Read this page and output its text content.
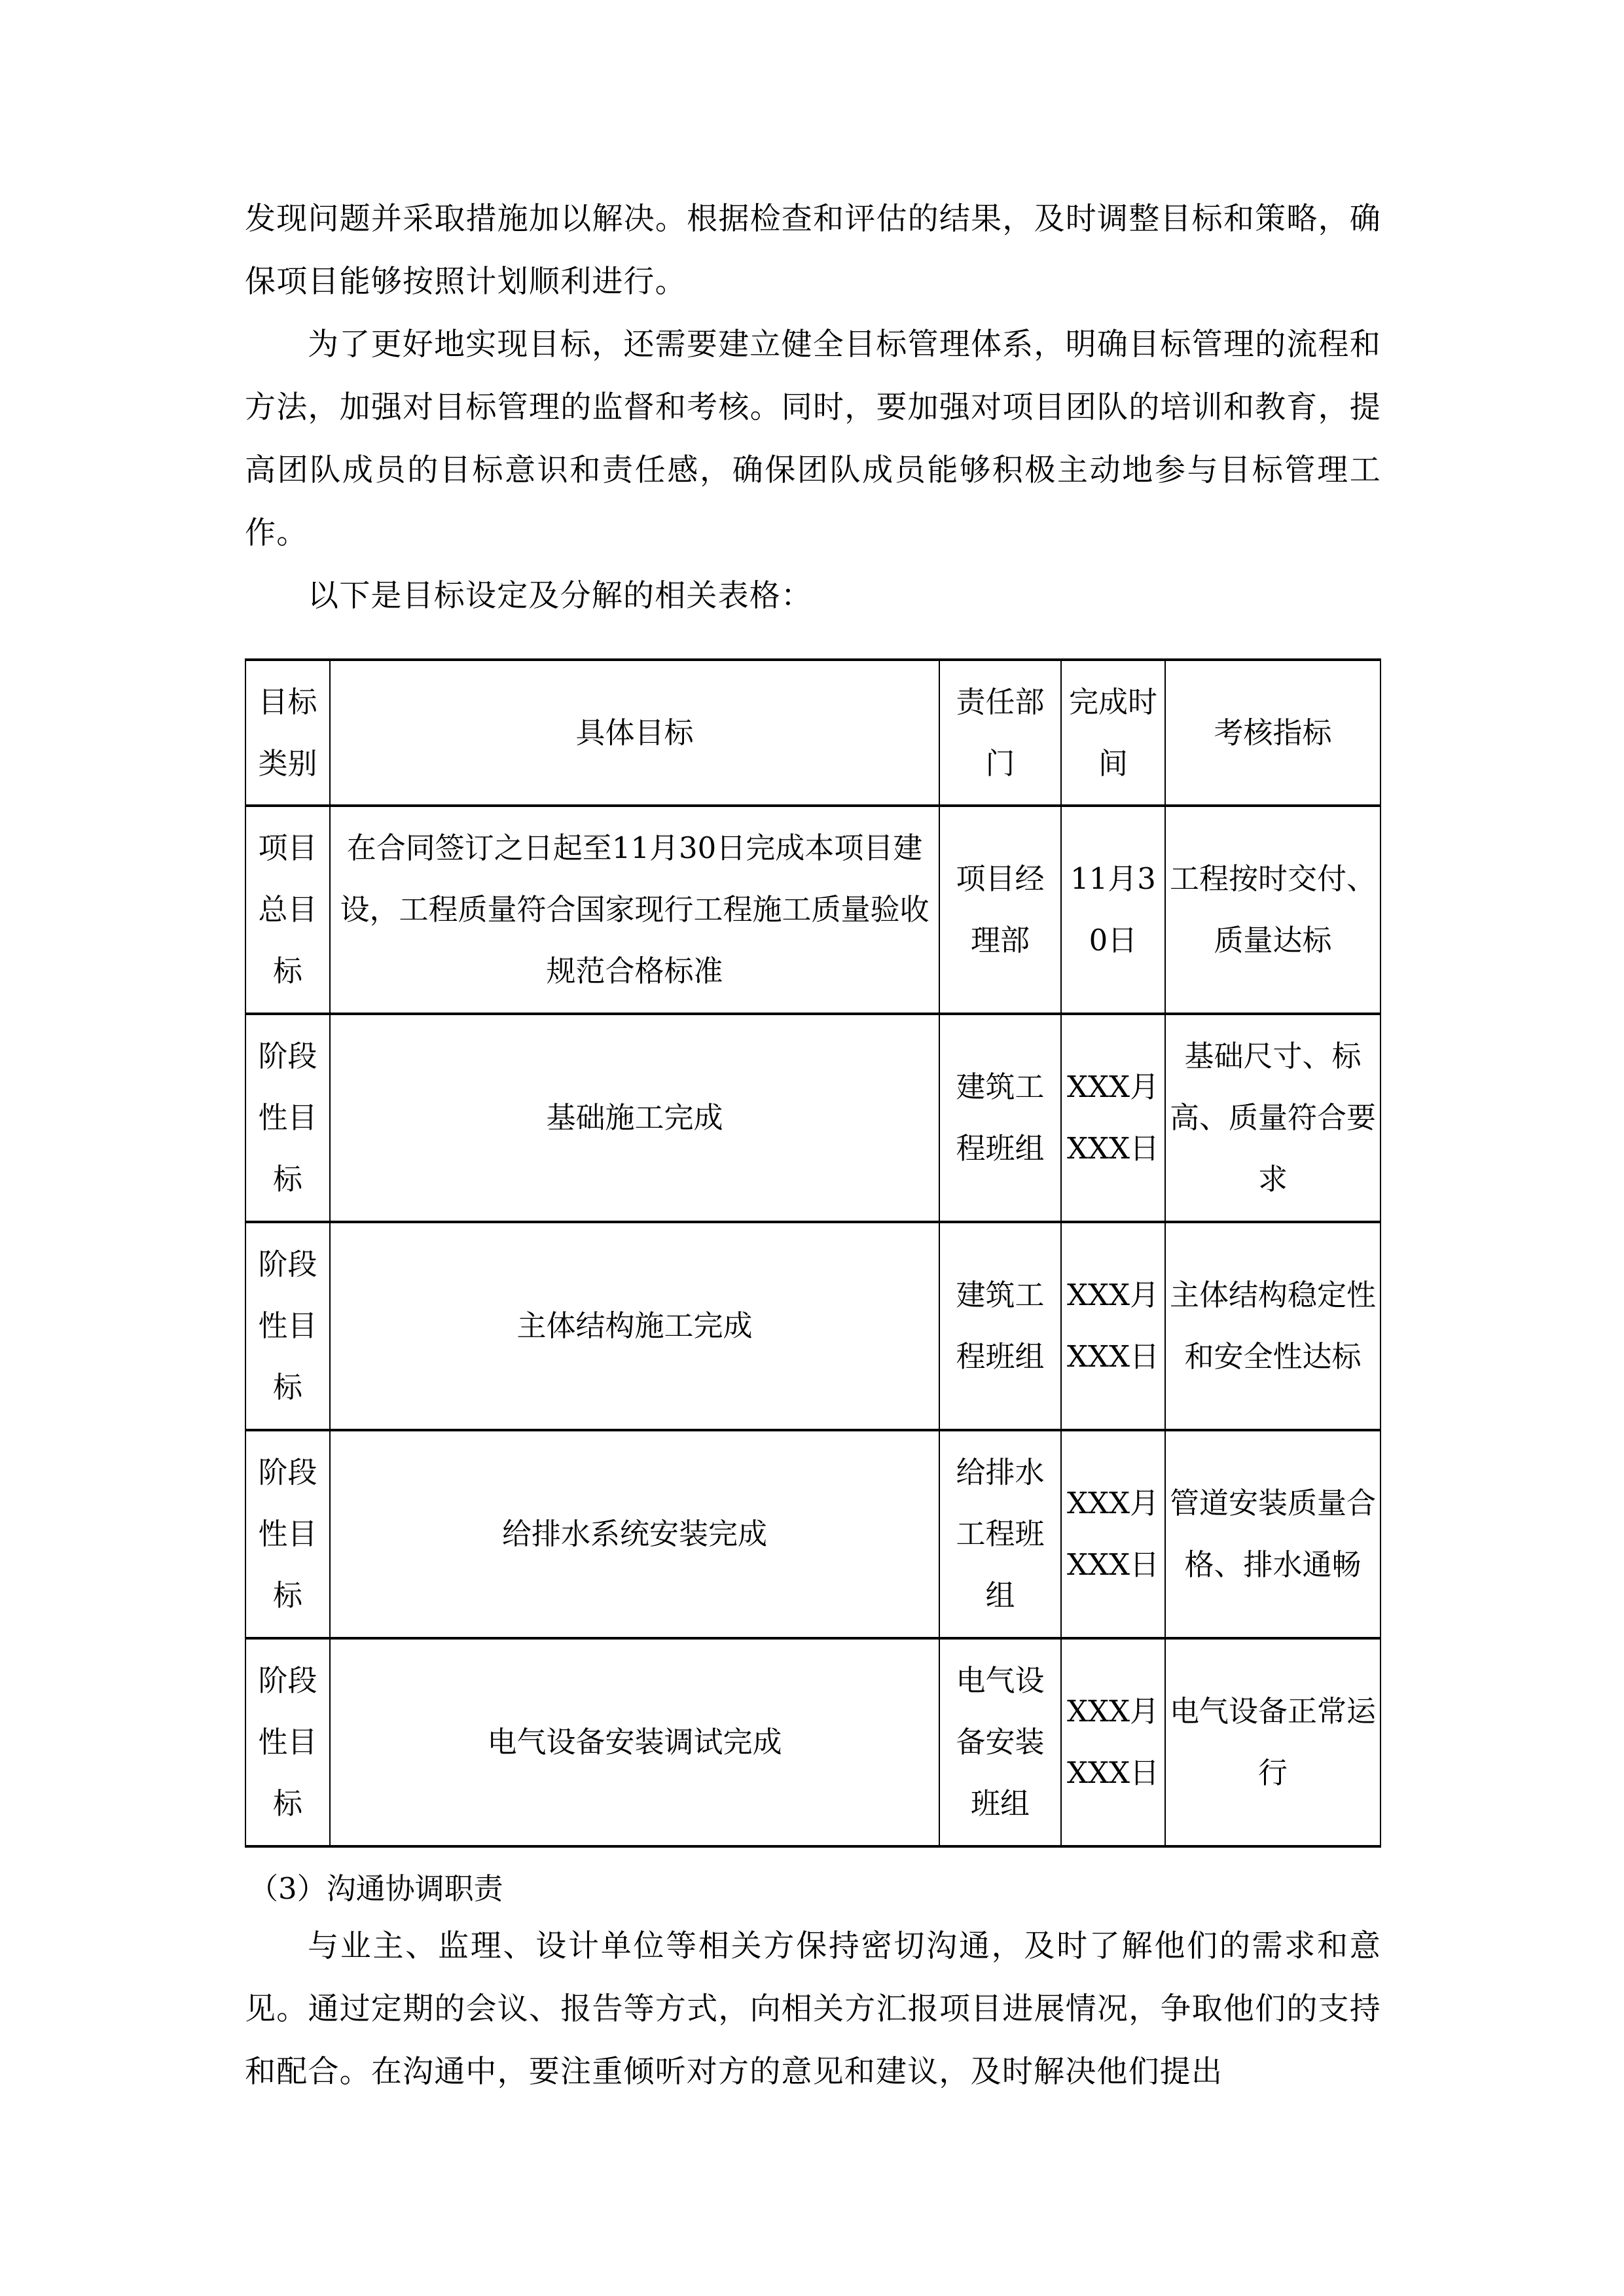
发现问题并采取措施加以解决。根据检查和评估的结果，及时调整目标和策略，确保项目能够按照计划顺利进行。

为了更好地实现目标，还需要建立健全目标管理体系，明确目标管理的流程和方法，加强对目标管理的监督和考核。同时，要加强对项目团队的培训和教育，提高团队成员的目标意识和责任感，确保团队成员能够积极主动地参与目标管理工作。

以下是目标设定及分解的相关表格：

目标类别	具体目标	责任部门	完成时间	考核指标
项目总目标	在合同签订之日起至11月30日完成本项目建设，工程质量符合国家现行工程施工质量验收规范合格标准	项目经理部	11月30日	工程按时交付、质量达标
阶段性目标	基础施工完成	建筑工程班组	XXX月XXX日	基础尺寸、标高、质量符合要求
阶段性目标	主体结构施工完成	建筑工程班组	XXX月XXX日	主体结构稳定性和安全性达标
阶段性目标	给排水系统安装完成	给排水工程班组	XXX月XXX日	管道安装质量合格、排水通畅
阶段性目标	电气设备安装调试完成	电气设备安装班组	XXX月XXX日	电气设备正常运行

（3）沟通协调职责

与业主、监理、设计单位等相关方保持密切沟通，及时了解他们的需求和意见。通过定期的会议、报告等方式，向相关方汇报项目进展情况，争取他们的支持和配合。在沟通中，要注重倾听对方的意见和建议，及时解决他们提出
